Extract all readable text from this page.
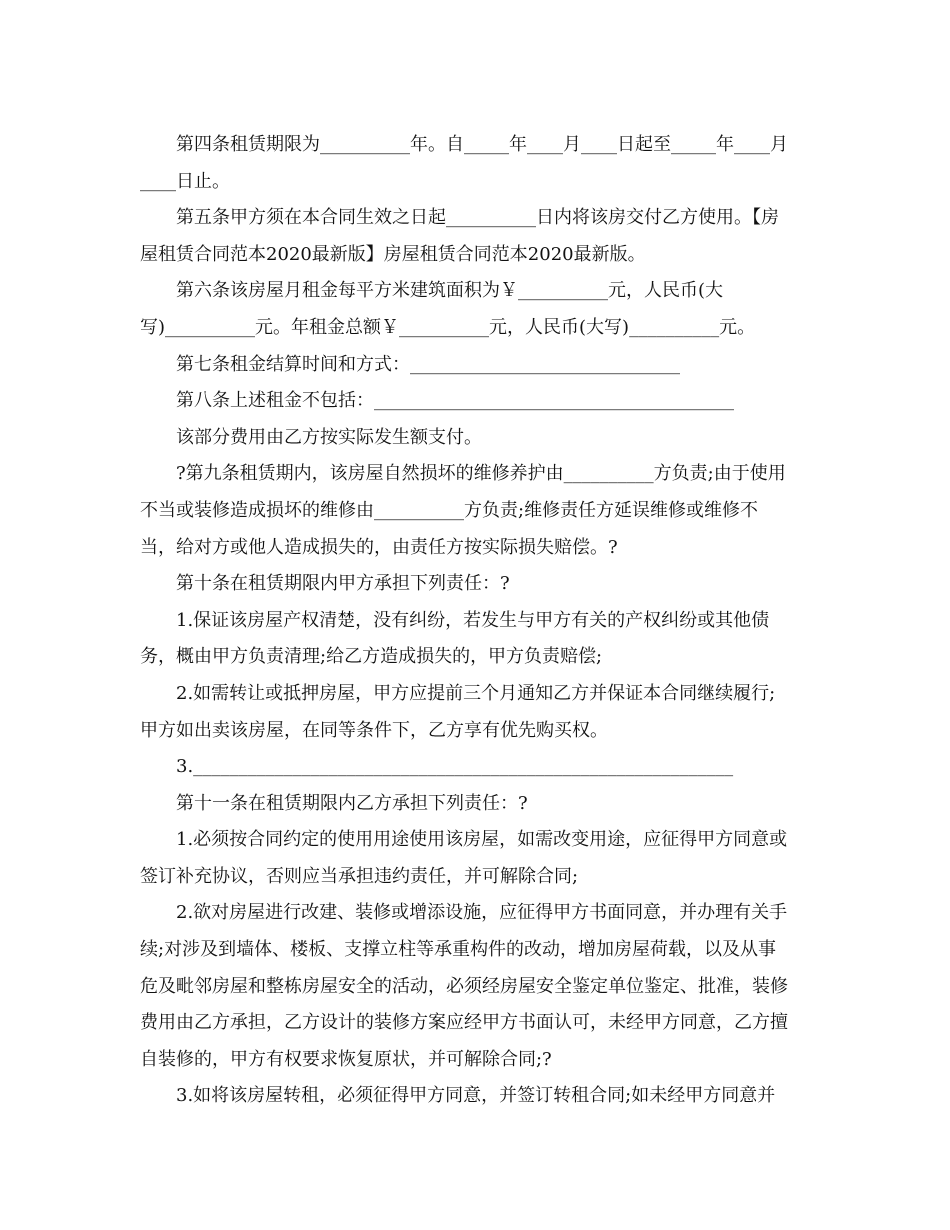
　　第四条租赁期限为__________年。自_____年____月____日起至_____年____月
____日止。
　　第五条甲方须在本合同生效之日起__________日内将该房交付乙方使用。【房
屋租赁合同范本2020最新版】房屋租赁合同范本2020最新版。
　　第六条该房屋月租金每平方米建筑面积为￥__________元，人民币(大
写)__________元。年租金总额￥__________元，人民币(大写)__________元。
　　第七条租金结算时间和方式：______________________________
　　第八条上述租金不包括：________________________________________
　　该部分费用由乙方按实际发生额支付。
　　?第九条租赁期内，该房屋自然损坏的维修养护由__________方负责;由于使用
不当或装修造成损坏的维修由__________方负责;维修责任方延误维修或维修不
当，给对方或他人造成损失的，由责任方按实际损失赔偿。?
　　第十条在租赁期限内甲方承担下列责任：?
　　1.保证该房屋产权清楚，没有纠纷，若发生与甲方有关的产权纠纷或其他债
务，概由甲方负责清理;给乙方造成损失的，甲方负责赔偿;
　　2.如需转让或抵押房屋，甲方应提前三个月通知乙方并保证本合同继续履行;
甲方如出卖该房屋，在同等条件下，乙方享有优先购买权。
　　3.____________________________________________________________
　　第十一条在租赁期限内乙方承担下列责任：?
　　1.必须按合同约定的使用用途使用该房屋，如需改变用途，应征得甲方同意或
签订补充协议，否则应当承担违约责任，并可解除合同;
　　2.欲对房屋进行改建、装修或增添设施，应征得甲方书面同意，并办理有关手
续;对涉及到墙体、楼板、支撑立柱等承重构件的改动，增加房屋荷载，以及从事
危及毗邻房屋和整栋房屋安全的活动，必须经房屋安全鉴定单位鉴定、批准，装修
费用由乙方承担，乙方设计的装修方案应经甲方书面认可，未经甲方同意，乙方擅
自装修的，甲方有权要求恢复原状，并可解除合同;?
　　3.如将该房屋转租，必须征得甲方同意，并签订转租合同;如未经甲方同意并
